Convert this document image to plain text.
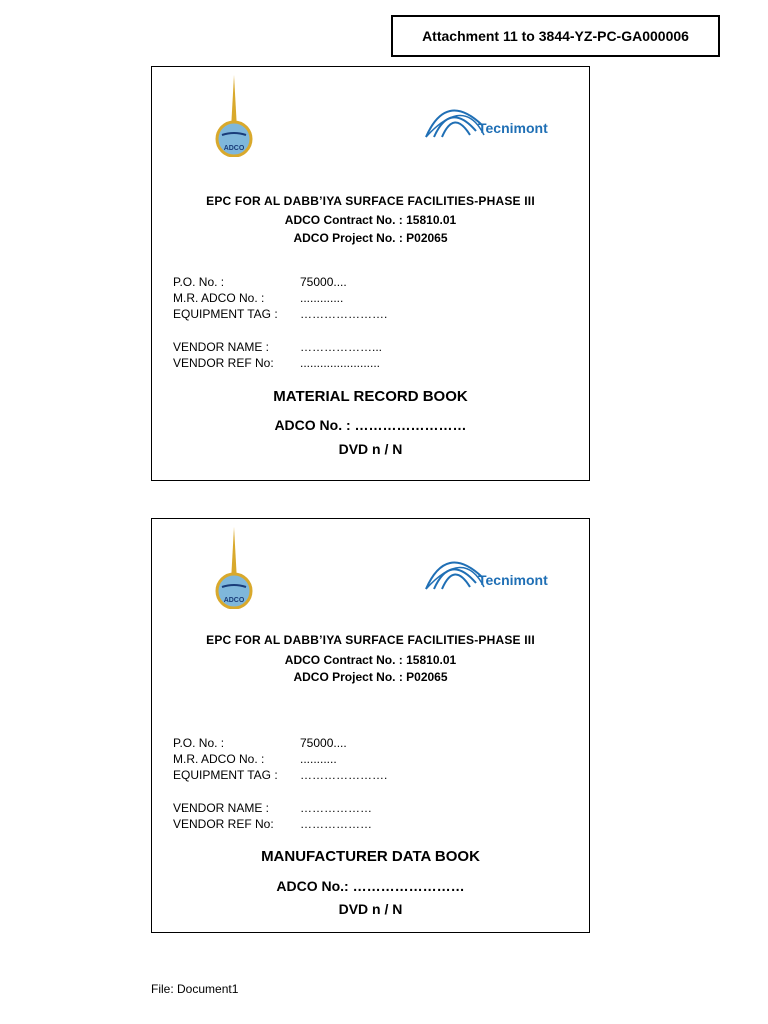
Attachment 11 to 3844-YZ-PC-GA000006
ADCO
Tecnimont
EPC FOR AL DABB’IYA SURFACE FACILITIES-PHASE III
ADCO Contract No. : 15810.01
ADCO Project No. : P02065
P.O. No. :	75000....
M.R. ADCO No. :	.............
EQUIPMENT TAG : ………………….
VENDOR NAME :	………………...
VENDOR REF No: ........................
MATERIAL RECORD BOOK
ADCO No. : ……………………
DVD n / N
ADCO
Tecnimont
EPC FOR AL DABB’IYA SURFACE FACILITIES-PHASE III
ADCO Contract No. : 15810.01
ADCO Project No. : P02065
P.O. No. :	75000....
M.R. ADCO No. :	...........
EQUIPMENT TAG : ………………….
VENDOR NAME :	………………
VENDOR REF No: ………………
MANUFACTURER DATA BOOK
ADCO No.: ……………………
DVD n / N
File: Document1
